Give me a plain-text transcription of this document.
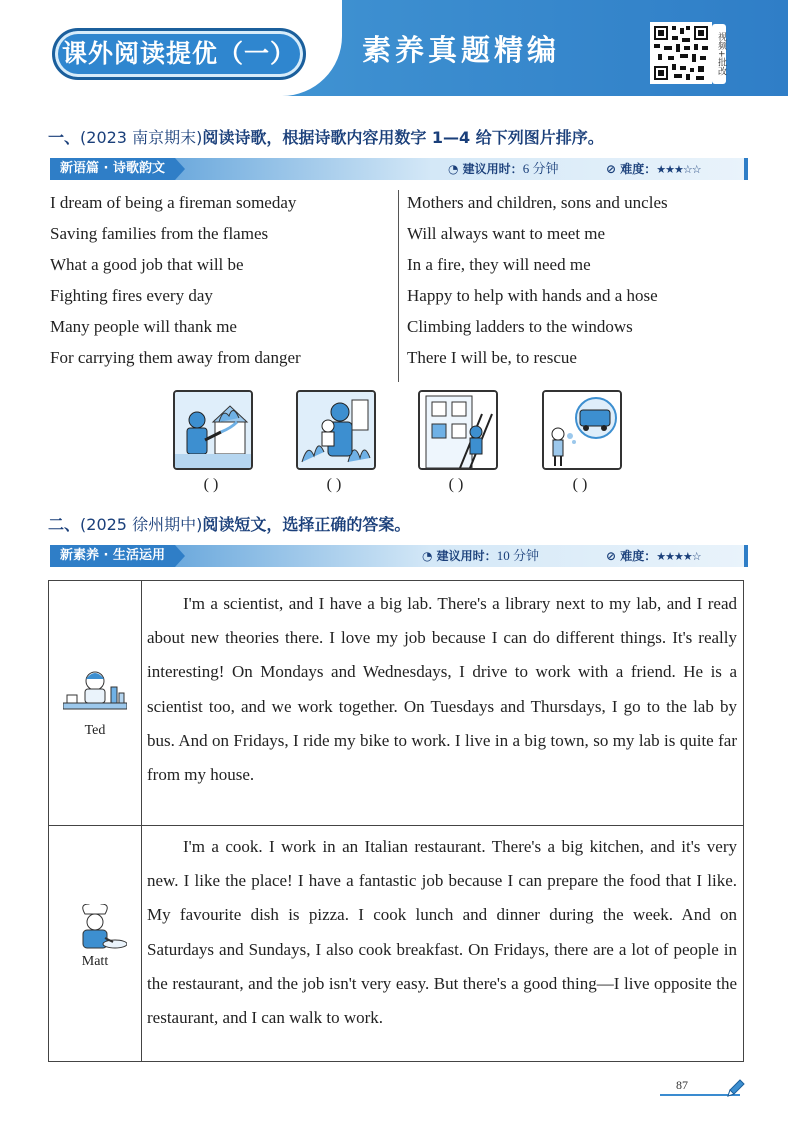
课外阅读提优（一）	素养真题精编	视频+批改
一、(2023 南京期末)阅读诗歌，根据诗歌内容用数字 1—4 给下列图片排序。
新语篇 · 诗歌韵文	◔ 建议用时：6 分钟	⊘ 难度：★★★☆☆
I dream of being a fireman someday
Saving families from the flames
What a good job that will be
Fighting fires every day
Many people will thank me
For carrying them away from danger
Mothers and children, sons and uncles
Will always want to meet me
In a fire, they will need me
Happy to help with hands and a hose
Climbing ladders to the windows
There I will be, to rescue
( )	( )	( )	( )
二、(2025 徐州期中)阅读短文，选择正确的答案。
新素养 · 生活运用	◔ 建议用时：10 分钟	⊘ 难度：★★★★☆
Ted
I'm a scientist, and I have a big lab. There's a library next to my lab, and I read about new theories there. I love my job because I can do different things. It's really interesting! On Mondays and Wednesdays, I drive to work with a friend. He is a scientist too, and we work together. On Tuesdays and Thursdays, I go to the lab by bus. And on Fridays, I ride my bike to work. I live in a big town, so my lab is quite far from my house.
Matt
I'm a cook. I work in an Italian restaurant. There's a big kitchen, and it's very new. I like the place! I have a fantastic job because I can prepare the food that I like. My favourite dish is pizza. I cook lunch and dinner during the week. And on Saturdays and Sundays, I also cook breakfast. On Fridays, there are a lot of people in the restaurant, and the job isn't very easy. But there's a good thing—I live opposite the restaurant, and I can walk to work.
87
